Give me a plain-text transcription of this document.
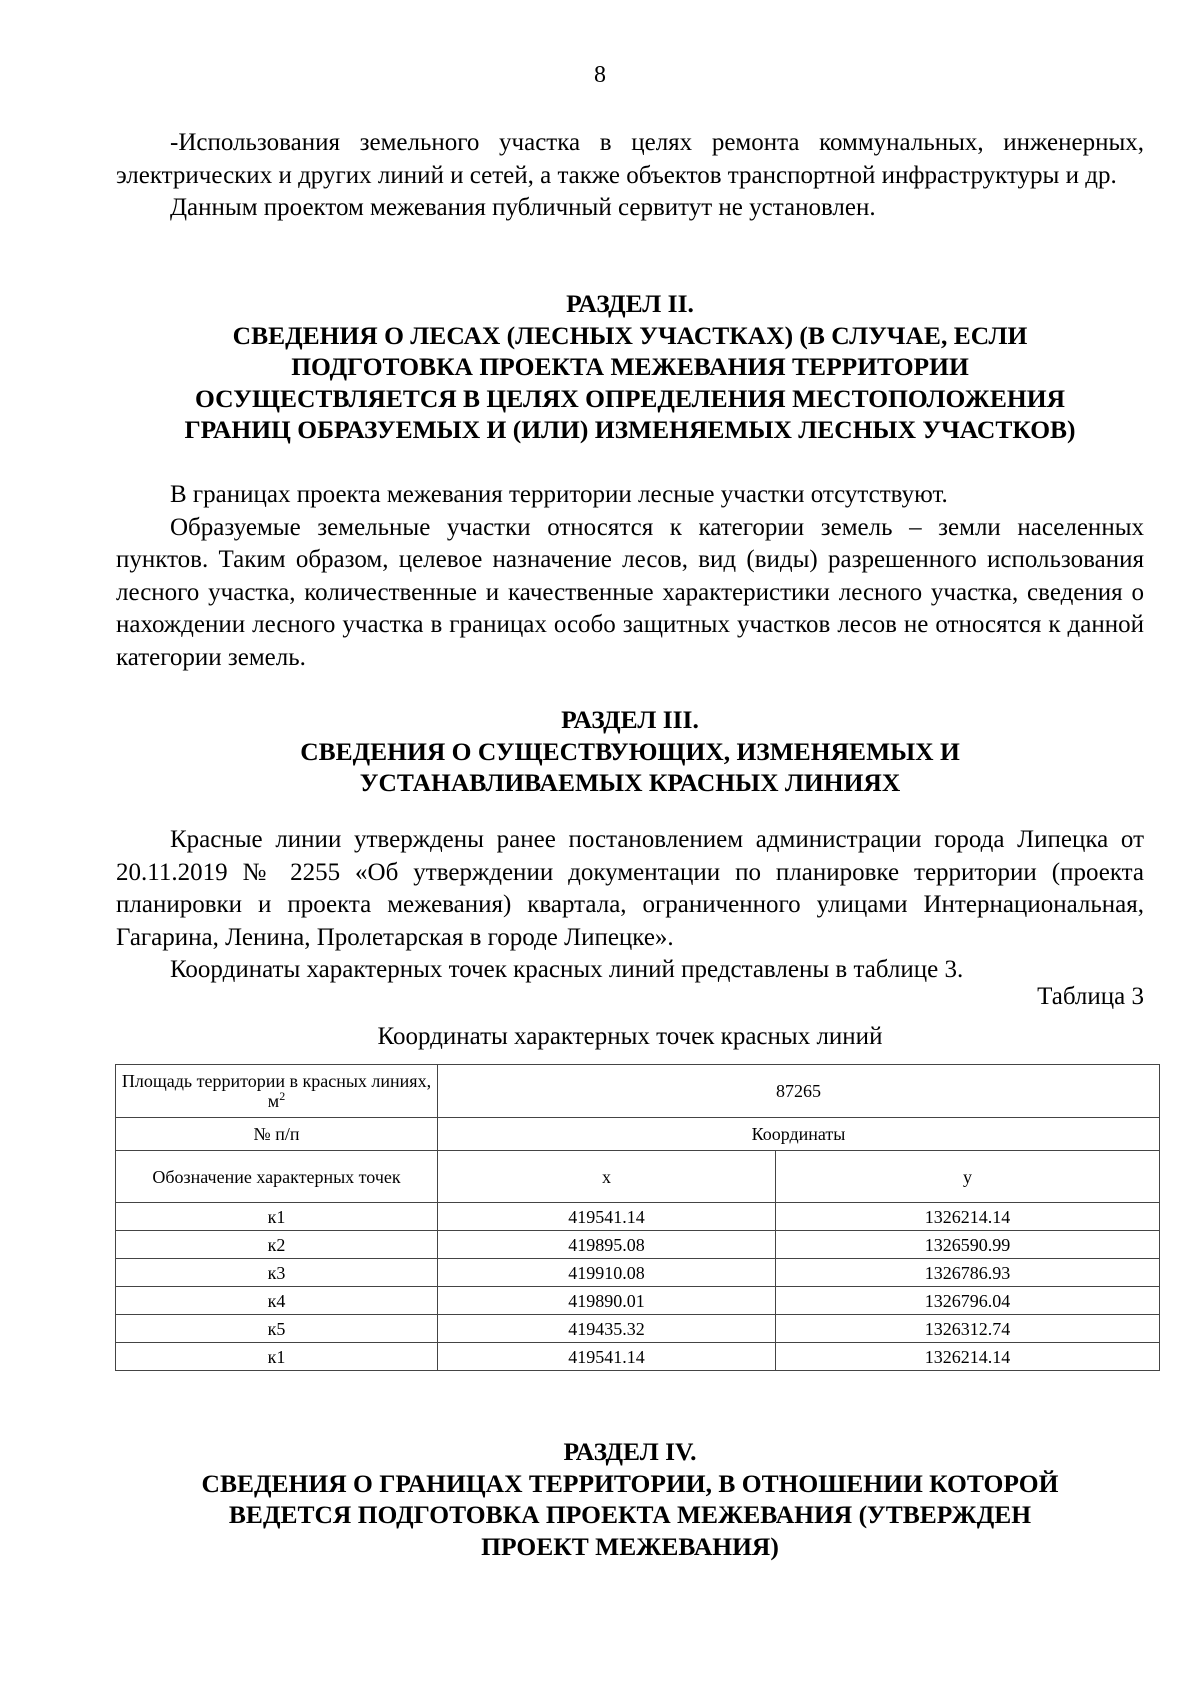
8

-Использования земельного участка в целях ремонта коммунальных, инженерных, электрических и других линий и сетей, а также объектов транспортной инфраструктуры и др.

Данным проектом межевания публичный сервитут не установлен.

РАЗДЕЛ II.
СВЕДЕНИЯ О ЛЕСАХ (ЛЕСНЫХ УЧАСТКАХ) (В СЛУЧАЕ, ЕСЛИ
ПОДГОТОВКА ПРОЕКТА МЕЖЕВАНИЯ ТЕРРИТОРИИ
ОСУЩЕСТВЛЯЕТСЯ В ЦЕЛЯХ ОПРЕДЕЛЕНИЯ МЕСТОПОЛОЖЕНИЯ
ГРАНИЦ ОБРАЗУЕМЫХ И (ИЛИ) ИЗМЕНЯЕМЫХ ЛЕСНЫХ УЧАСТКОВ)

В границах проекта межевания территории лесные участки отсутствуют.

Образуемые земельные участки относятся к категории земель – земли населенных пунктов. Таким образом, целевое назначение лесов, вид (виды) разрешенного использования лесного участка, количественные и качественные характеристики лесного участка, сведения о нахождении лесного участка в границах особо защитных участков лесов не относятся к данной категории земель.

РАЗДЕЛ III.
СВЕДЕНИЯ О СУЩЕСТВУЮЩИХ, ИЗМЕНЯЕМЫХ И
УСТАНАВЛИВАЕМЫХ КРАСНЫХ ЛИНИЯХ

Красные линии утверждены ранее постановлением администрации города Липецка от 20.11.2019 № 2255 «Об утверждении документации по планировке территории (проекта планировки и проекта межевания) квартала, ограниченного улицами Интернациональная, Гагарина, Ленина, Пролетарская в городе Липецке».

Координаты характерных точек красных линий представлены в таблице 3.

Таблица 3
Координаты характерных точек красных линий
Площадь территории в красных линиях, $м^2$	87265	
№ п/п	Координаты	
Обозначение характерных точек	x	y
к1	419541.14	1326214.14
к2	419895.08	1326590.99
к3	419910.08	1326786.93
к4	419890.01	1326796.04
к5	419435.32	1326312.74
к1	419541.14	1326214.14
РАЗДЕЛ IV.
СВЕДЕНИЯ О ГРАНИЦАХ ТЕРРИТОРИИ, В ОТНОШЕНИИ КОТОРОЙ
ВЕДЕТСЯ ПОДГОТОВКА ПРОЕКТА МЕЖЕВАНИЯ (УТВЕРЖДЕН
ПРОЕКТ МЕЖЕВАНИЯ)
